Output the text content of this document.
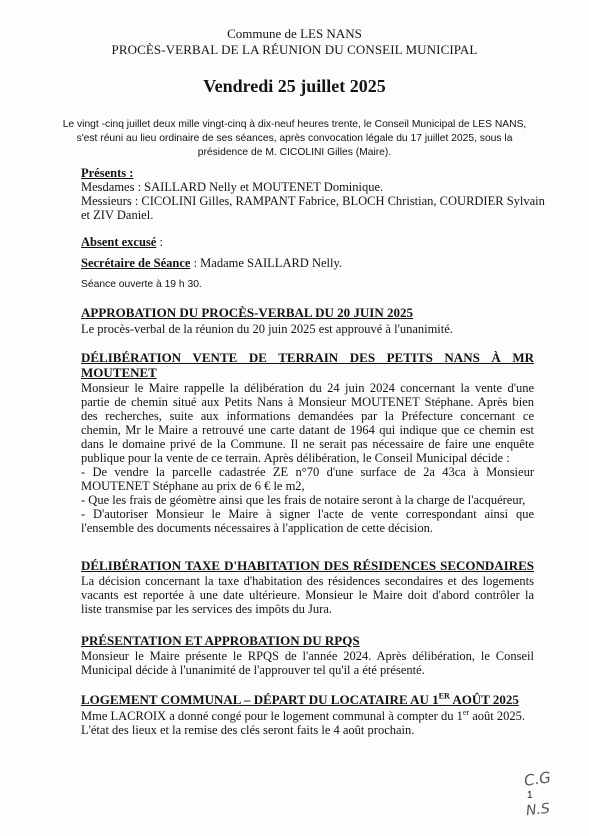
Commune de LES NANS
PROCÈS-VERBAL DE LA RÉUNION DU CONSEIL MUNICIPAL
Vendredi 25 juillet 2025
Le vingt -cinq juillet deux mille vingt-cinq à dix-neuf heures trente, le Conseil Municipal de LES NANS,
s'est réuni au lieu ordinaire de ses séances, après convocation légale du 17 juillet 2025, sous la
présidence de M. CICOLINI Gilles (Maire).
Présents :
Mesdames : SAILLARD Nelly et MOUTENET Dominique.
Messieurs : CICOLINI Gilles, RAMPANT Fabrice, BLOCH Christian, COURDIER Sylvain
et ZIV Daniel.
Absent excusé :
Secrétaire de Séance : Madame SAILLARD Nelly.
Séance ouverte à 19 h 30.
APPROBATION DU PROCÈS-VERBAL DU 20 JUIN 2025
Le procès-verbal de la réunion du 20 juin 2025 est approuvé à l'unanimité.
DÉLIBÉRATION VENTE DE TERRAIN DES PETITS NANS À MR
MOUTENET
Monsieur le Maire rappelle la délibération du 24 juin 2024 concernant la vente d'une
partie de chemin situé aux Petits Nans à Monsieur MOUTENET Stéphane. Après bien
des recherches, suite aux informations demandées par la Préfecture concernant ce
chemin, Mr le Maire a retrouvé une carte datant de 1964 qui indique que ce chemin est
dans le domaine privé de la Commune. Il ne serait pas nécessaire de faire une enquête
publique pour la vente de ce terrain. Après délibération, le Conseil Municipal décide :
- De vendre la parcelle cadastrée ZE n°70 d'une surface de 2a 43ca à Monsieur
MOUTENET Stéphane au prix de 6 € le m2,
- Que les frais de géomètre ainsi que les frais de notaire seront à la charge de l'acquéreur,
- D'autoriser Monsieur le Maire à signer l'acte de vente correspondant ainsi que
l'ensemble des documents nécessaires à l'application de cette décision.
DÉLIBÉRATION TAXE D'HABITATION DES RÉSIDENCES SECONDAIRES
La décision concernant la taxe d'habitation des résidences secondaires et des logements
vacants est reportée à une date ultérieure. Monsieur le Maire doit d'abord contrôler la
liste transmise par les services des impôts du Jura.
PRÉSENTATION ET APPROBATION DU RPQS
Monsieur le Maire présente le RPQS de l'année 2024. Après délibération, le Conseil
Municipal décide à l'unanimité de l'approuver tel qu'il a été présenté.
LOGEMENT COMMUNAL – DÉPART DU LOCATAIRE AU 1ER AOÛT 2025
Mme LACROIX a donné congé pour le logement communal à compter du 1er août 2025.
L'état des lieux et la remise des clés seront faits le 4 août prochain.
C.G
1
N.S
